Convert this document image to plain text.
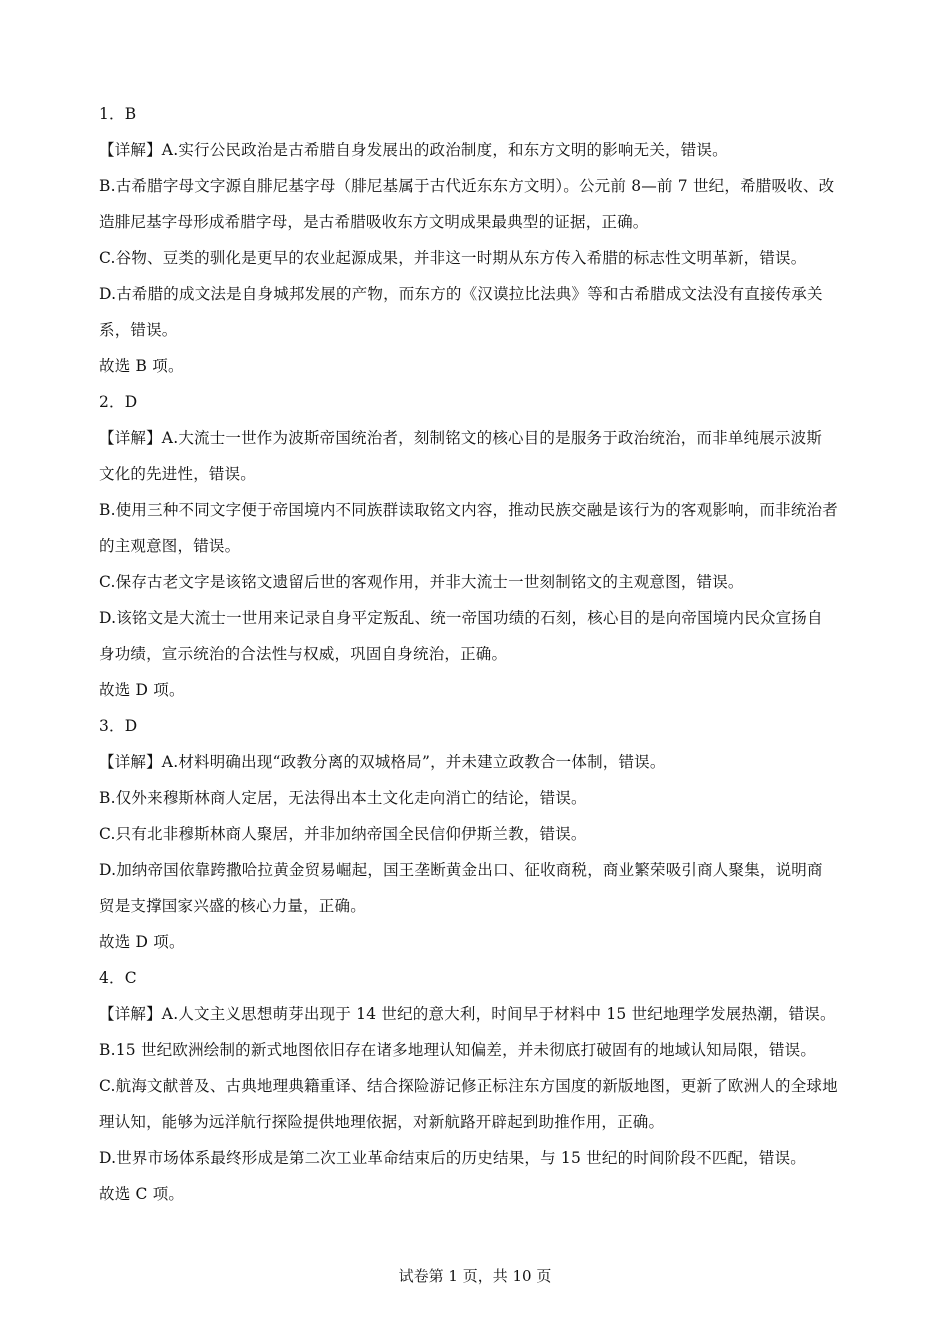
1．B
【详解】A.实行公民政治是古希腊自身发展出的政治制度，和东方文明的影响无关，错误。
B.古希腊字母文字源自腓尼基字母（腓尼基属于古代近东东方文明）。公元前 8—前 7 世纪，希腊吸收、改
造腓尼基字母形成希腊字母，是古希腊吸收东方文明成果最典型的证据，正确。
C.谷物、豆类的驯化是更早的农业起源成果，并非这一时期从东方传入希腊的标志性文明革新，错误。
D.古希腊的成文法是自身城邦发展的产物，而东方的《汉谟拉比法典》等和古希腊成文法没有直接传承关
系，错误。
故选 B 项。
2．D
【详解】A.大流士一世作为波斯帝国统治者，刻制铭文的核心目的是服务于政治统治，而非单纯展示波斯
文化的先进性，错误。
B.使用三种不同文字便于帝国境内不同族群读取铭文内容，推动民族交融是该行为的客观影响，而非统治者
的主观意图，错误。
C.保存古老文字是该铭文遗留后世的客观作用，并非大流士一世刻制铭文的主观意图，错误。
D.该铭文是大流士一世用来记录自身平定叛乱、统一帝国功绩的石刻，核心目的是向帝国境内民众宣扬自
身功绩，宣示统治的合法性与权威，巩固自身统治，正确。
故选 D 项。
3．D
【详解】A.材料明确出现“政教分离的双城格局”，并未建立政教合一体制，错误。
B.仅外来穆斯林商人定居，无法得出本土文化走向消亡的结论，错误。
C.只有北非穆斯林商人聚居，并非加纳帝国全民信仰伊斯兰教，错误。
D.加纳帝国依靠跨撒哈拉黄金贸易崛起，国王垄断黄金出口、征收商税，商业繁荣吸引商人聚集，说明商
贸是支撑国家兴盛的核心力量，正确。
故选 D 项。
4．C
【详解】A.人文主义思想萌芽出现于 14 世纪的意大利，时间早于材料中 15 世纪地理学发展热潮，错误。
B.15 世纪欧洲绘制的新式地图依旧存在诸多地理认知偏差，并未彻底打破固有的地域认知局限，错误。
C.航海文献普及、古典地理典籍重译、结合探险游记修正标注东方国度的新版地图，更新了欧洲人的全球地
理认知，能够为远洋航行探险提供地理依据，对新航路开辟起到助推作用，正确。
D.世界市场体系最终形成是第二次工业革命结束后的历史结果，与 15 世纪的时间阶段不匹配，错误。
故选 C 项。
试卷第 1 页，共 10 页
